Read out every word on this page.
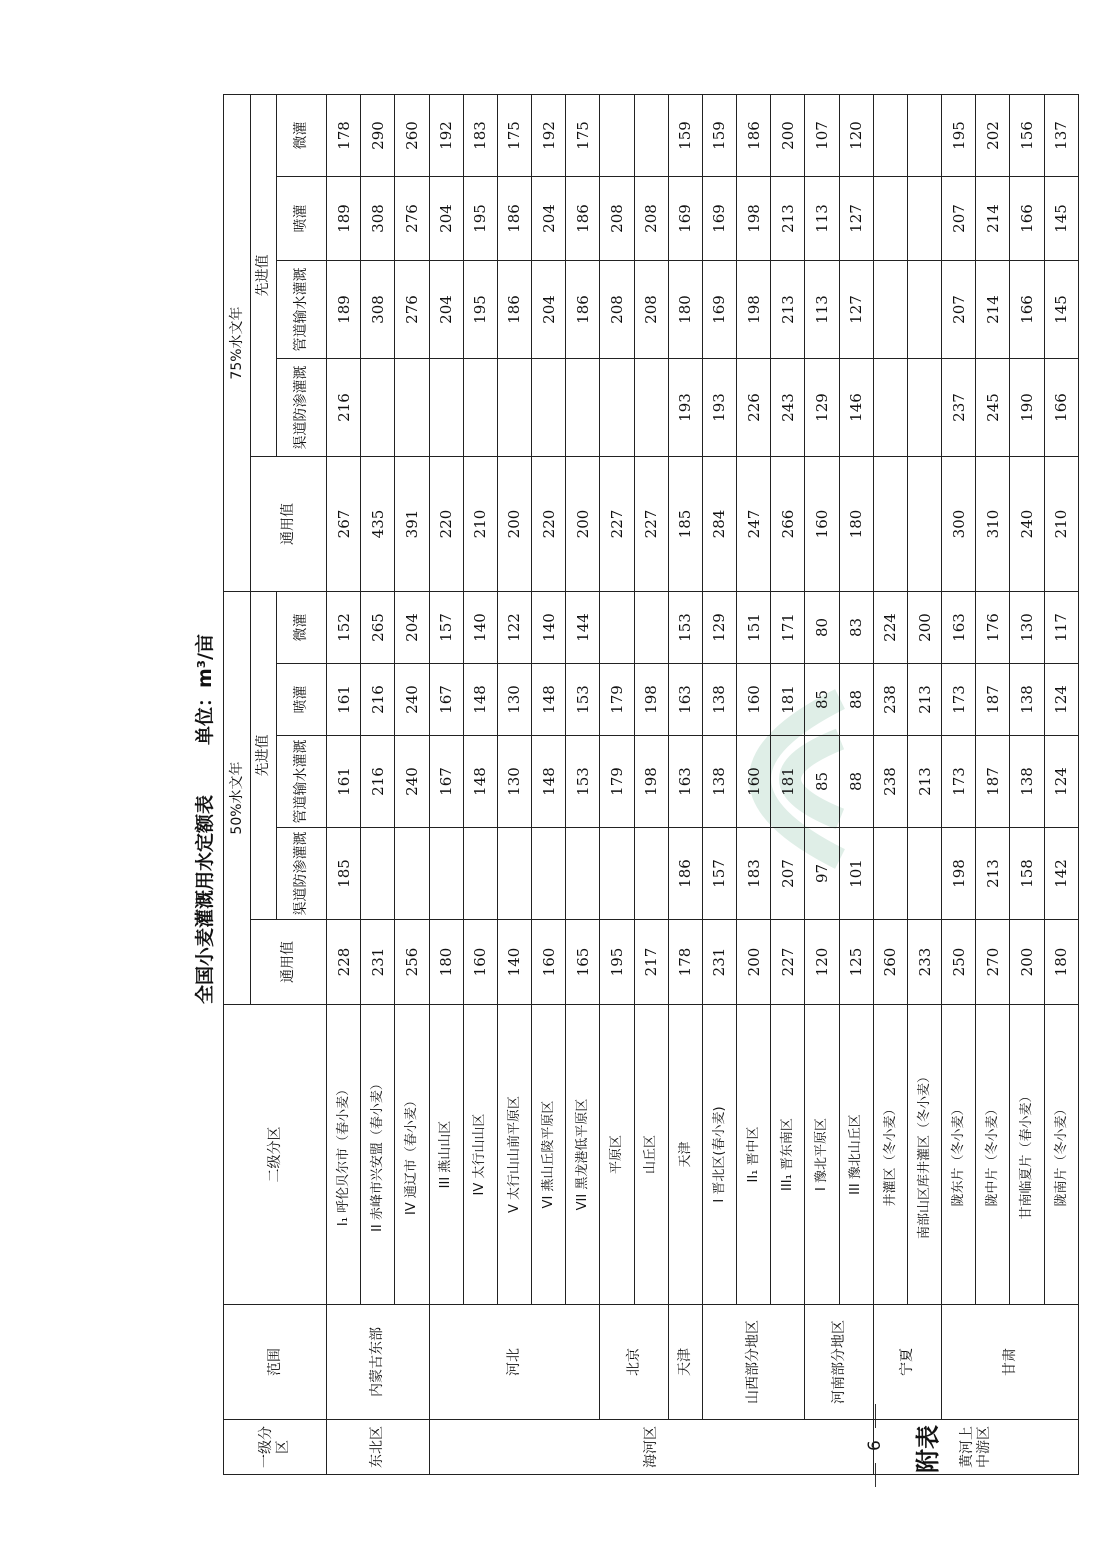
附表
6
全国小麦灌溉用水定额表单位：m³/亩
一级分区	范围	二级分区	50%水文年					75%水文年				
			通用值	先进值				通用值	先进值			
				渠道防渗灌溉	管道输水灌溉	喷灌	微灌		渠道防渗灌溉	管道输水灌溉	喷灌	微灌
东北区	内蒙古东部	I₁ 呼伦贝尔市（春小麦）	228	185	161	161	152	267	216	189	189	178
		II 赤峰市兴安盟（春小麦）	231		216	216	265	435		308	308	290
		IV 通辽市（春小麦）	256		240	240	204	391		276	276	260
海河区	河北	III 燕山山区	180		167	167	157	220		204	204	192
		IV 太行山山区	160		148	148	140	210		195	195	183
		V 太行山山前平原区	140		130	130	122	200		186	186	175
		VI 燕山丘陵平原区	160		148	148	140	220		204	204	192
		VII 黑龙港低平原区	165		153	153	144	200		186	186	175
	北京	平原区	195		179	179		227		208	208	
		山丘区	217		198	198		227		208	208	
	天津	天津	178	186	163	163	153	185	193	180	169	159
	山西部分地区	I 晋北区(春小麦)	231	157	138	138	129	284	193	169	169	159
		II₁ 晋中区	200	183	160	160	151	247	226	198	198	186
		III₁ 晋东南区	227	207	181	181	171	266	243	213	213	200
	河南部分地区	I 豫北平原区	120	97	85	85	80	160	129	113	113	107
		III 豫北山丘区	125	101	88	88	83	180	146	127	127	120
黄河上中游区	宁夏	井灌区（冬小麦）	260		238	238	224					
		南部山区库井灌区（冬小麦）	233		213	213	200					
	甘肃	陇东片（冬小麦）	250	198	173	173	163	300	237	207	207	195
		陇中片（冬小麦）	270	213	187	187	176	310	245	214	214	202
		甘南临夏片（春小麦）	200	158	138	138	130	240	190	166	166	156
		陇南片（冬小麦）	180	142	124	124	117	210	166	145	145	137
